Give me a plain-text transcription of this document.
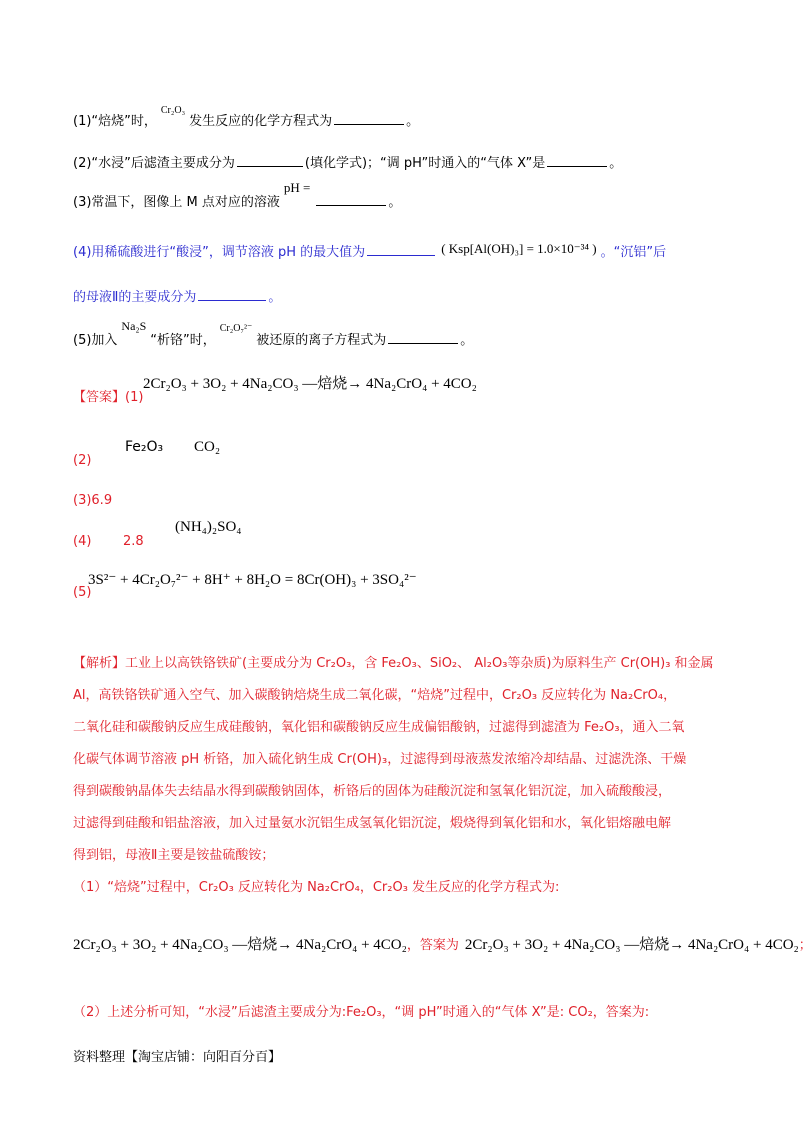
(1)“焙烧”时，$^{Cr_2O_3}$发生反应的化学方程式为	。
(2)“水浸”后滤渣主要成分为	(填化学式)；“调 pH”时通入的“气体 X”是	。
(3)常温下，图像上 M 点对应的溶液pH =。
(4)用稀硫酸进行“酸浸”，调节溶液 pH 的最大值为	( Ksp[Al(OH)₃] = 1.0×10⁻³⁴ ) 。“沉铝”后
的母液Ⅱ的主要成分为	。
(5)加入Na₂S“析铬”时，$^{Cr_2O_7^{2-}}$被还原的离子方程式为	。
【答案】(1)
2Cr₂O₃ + 3O₂ + 4Na₂CO₃ —焙烧→ 4Na₂CrO₄ + 4CO₂
(2)
Fe₂O₃ CO₂
(3)6.9
(4) 2.8
(NH₄)₂SO₄
(5)
3S²⁻ + 4Cr₂O₇²⁻ + 8H⁺ + 8H₂O = 8Cr(OH)₃ + 3SO₄²⁻
【解析】工业上以高铁铬铁矿(主要成分为 Cr₂O₃，含 Fe₂O₃、SiO₂、 Al₂O₃等杂质)为原料生产 Cr(OH)₃ 和金属
Al，高铁铬铁矿通入空气、加入碳酸钠焙烧生成二氧化碳，“焙烧”过程中，Cr₂O₃ 反应转化为 Na₂CrO₄，
二氧化硅和碳酸钠反应生成硅酸钠，氧化铝和碳酸钠反应生成偏铝酸钠，过滤得到滤渣为 Fe₂O₃，通入二氧
化碳气体调节溶液 pH 析铬，加入硫化钠生成 Cr(OH)₃，过滤得到母液蒸发浓缩冷却结晶、过滤洗涤、干燥
得到碳酸钠晶体失去结晶水得到碳酸钠固体，析铬后的固体为硅酸沉淀和氢氧化铝沉淀，加入硫酸酸浸，
过滤得到硅酸和铝盐溶液，加入过量氨水沉铝生成氢氧化铝沉淀，煅烧得到氧化铝和水，氧化铝熔融电解
得到铝，母液Ⅱ主要是铵盐硫酸铵；
（1）“焙烧”过程中，Cr₂O₃ 反应转化为 Na₂CrO₄，Cr₂O₃ 发生反应的化学方程式为:
2Cr₂O₃ + 3O₂ + 4Na₂CO₃ —焙烧→ 4Na₂CrO₄ + 4CO₂，答案为 2Cr₂O₃ + 3O₂ + 4Na₂CO₃ —焙烧→ 4Na₂CrO₄ + 4CO₂；
（2）上述分析可知，“水浸”后滤渣主要成分为:Fe₂O₃，“调 pH”时通入的“气体 X”是: CO₂，答案为:
资料整理【淘宝店铺：向阳百分百】
